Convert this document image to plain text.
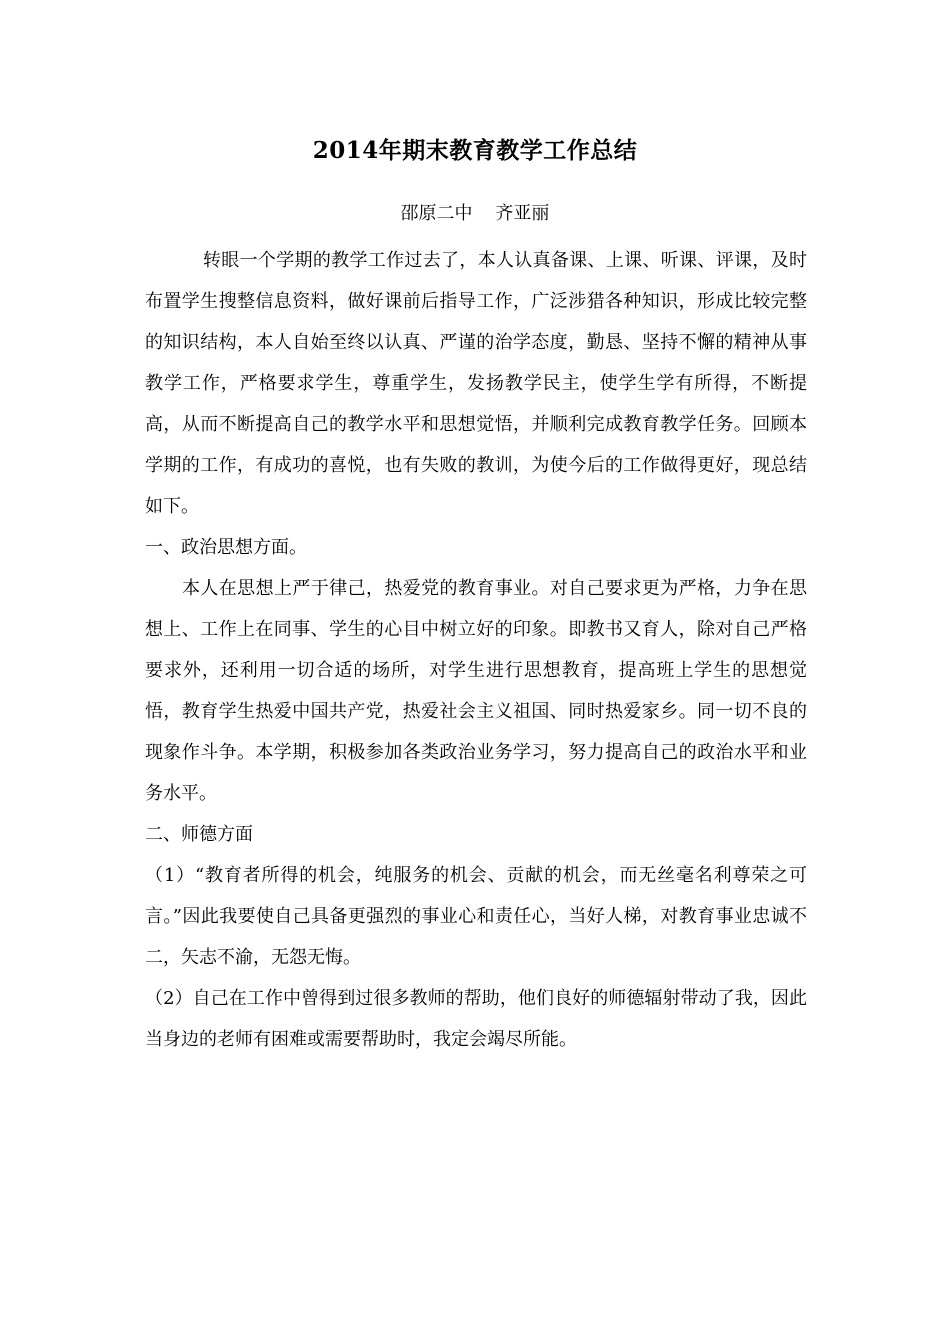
2014年期末教育教学工作总结
邵原二中    齐亚丽

转眼一个学期的教学工作过去了，本人认真备课、上课、听课、评课，及时布置学生搜整信息资料，做好课前后指导工作，广泛涉猎各种知识，形成比较完整的知识结构，本人自始至终以认真、严谨的治学态度，勤恳、坚持不懈的精神从事教学工作，严格要求学生，尊重学生，发扬教学民主，使学生学有所得，不断提高，从而不断提高自己的教学水平和思想觉悟，并顺利完成教育教学任务。回顾本学期的工作，有成功的喜悦，也有失败的教训，为使今后的工作做得更好，现总结如下。

一、政治思想方面。

本人在思想上严于律己，热爱党的教育事业。对自己要求更为严格，力争在思想上、工作上在同事、学生的心目中树立好的印象。即教书又育人，除对自己严格要求外，还利用一切合适的场所，对学生进行思想教育，提高班上学生的思想觉悟，教育学生热爱中国共产党，热爱社会主义祖国、同时热爱家乡。同一切不良的现象作斗争。本学期，积极参加各类政治业务学习，努力提高自己的政治水平和业务水平。

二、师德方面

（1）“教育者所得的机会，纯服务的机会、贡献的机会，而无丝毫名利尊荣之可言。”因此我要使自己具备更强烈的事业心和责任心，当好人梯，对教育事业忠诚不二，矢志不渝，无怨无悔。

（2）自己在工作中曾得到过很多教师的帮助，他们良好的师德辐射带动了我，因此当身边的老师有困难或需要帮助时，我定会竭尽所能。
